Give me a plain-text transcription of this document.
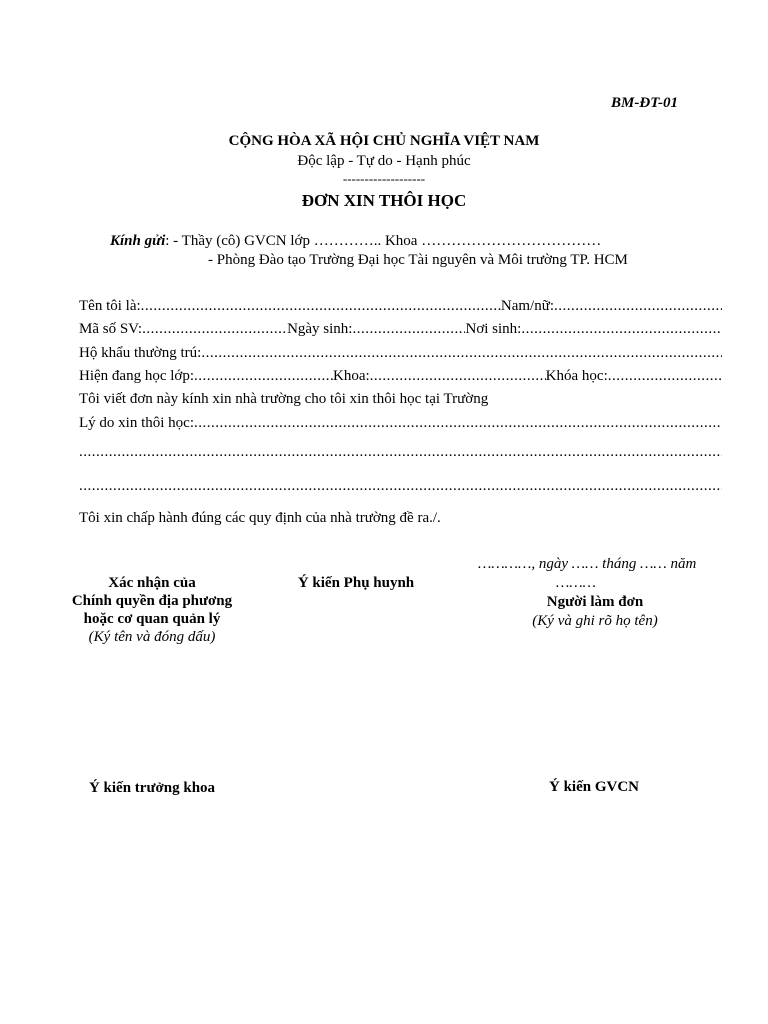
BM-ĐT-01
CỘNG HÒA XÃ HỘI CHỦ NGHĨA VIỆT NAM
Độc lập - Tự do - Hạnh phúc
-------------------
ĐƠN XIN THÔI HỌC
Kính gửi: - Thầy (cô) GVCN lớp ………….. Khoa ………………………………
- Phòng Đào tạo Trường Đại học Tài nguyên và Môi trường TP. HCM
Tên tôi là: .....	Nam/nữ:
.....
Mã số SV: .....	Ngày sinh: .....	Nơi sinh:
.....
Hộ khẩu thường trú:
.....
Hiện đang học lớp: .....	Khoa: .....	Khóa học:
.....
Tôi viết đơn này kính xin nhà trường cho tôi xin thôi học tại Trường
Lý do xin thôi học:
.....
.....
.....
Tôi xin chấp hành đúng các quy định của nhà trường đề ra./.
…………, ngày …… tháng …… năm
………
Xác nhận của
Chính quyền địa phương
hoặc cơ quan quản lý
(Ký tên và đóng dấu)
Ý kiến Phụ huynh
Người làm đơn
(Ký và ghi rõ họ tên)
Ý kiến trưởng khoa	Ý kiến GVCN
